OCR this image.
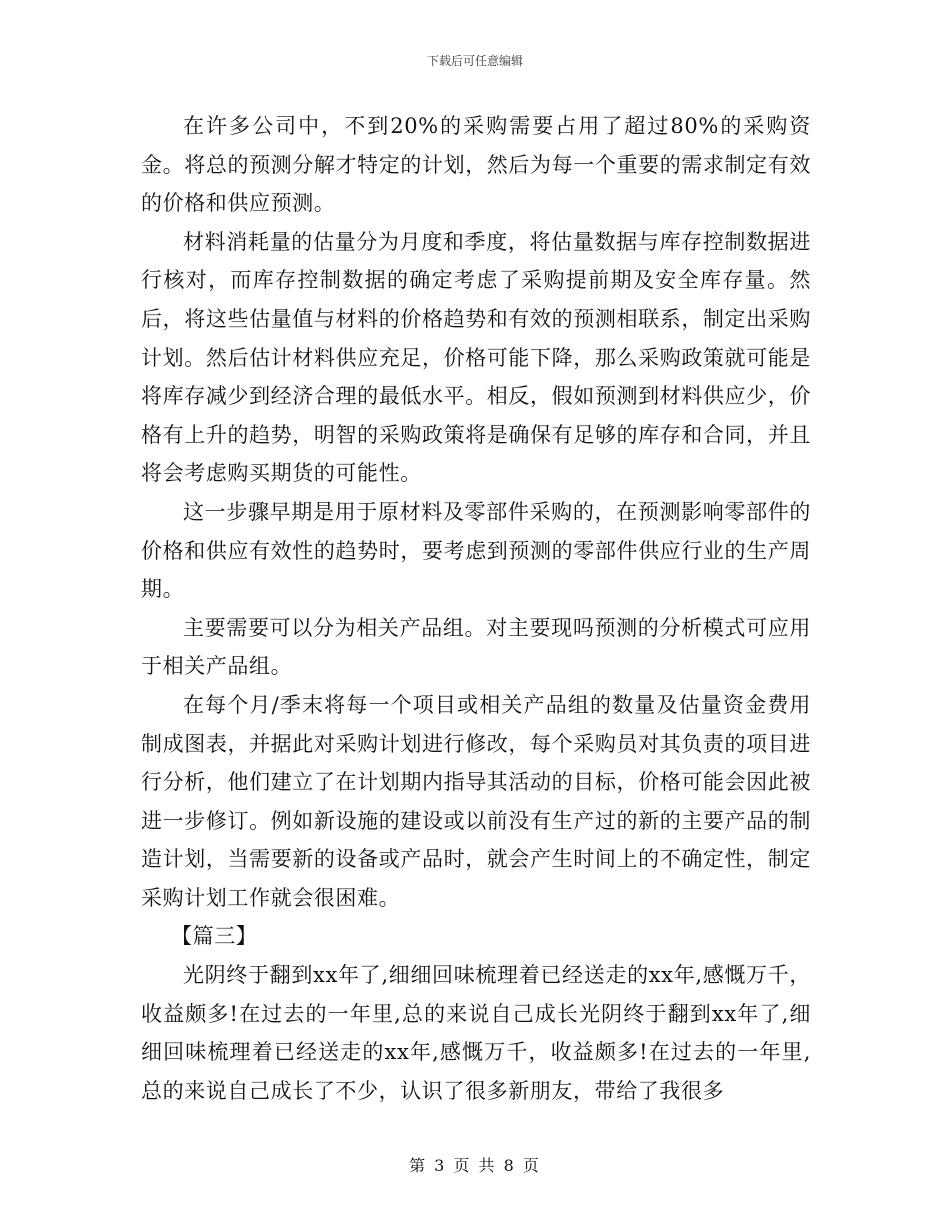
下载后可任意编辑

在许多公司中，不到20%的采购需要占用了超过80%的采购资金。将总的预测分解才特定的计划，然后为每一个重要的需求制定有效的价格和供应预测。

材料消耗量的估量分为月度和季度，将估量数据与库存控制数据进行核对，而库存控制数据的确定考虑了采购提前期及安全库存量。然后，将这些估量值与材料的价格趋势和有效的预测相联系，制定出采购计划。然后估计材料供应充足，价格可能下降，那么采购政策就可能是将库存减少到经济合理的最低水平。相反，假如预测到材料供应少，价格有上升的趋势，明智的采购政策将是确保有足够的库存和合同，并且将会考虑购买期货的可能性。

这一步骤早期是用于原材料及零部件采购的，在预测影响零部件的价格和供应有效性的趋势时，要考虑到预测的零部件供应行业的生产周期。

主要需要可以分为相关产品组。对主要现吗预测的分析模式可应用于相关产品组。

在每个月/季末将每一个项目或相关产品组的数量及估量资金费用制成图表，并据此对采购计划进行修改，每个采购员对其负责的项目进行分析，他们建立了在计划期内指导其活动的目标，价格可能会因此被进一步修订。例如新设施的建设或以前没有生产过的新的主要产品的制造计划，当需要新的设备或产品时，就会产生时间上的不确定性，制定采购计划工作就会很困难。

【篇三】

光阴终于翻到xx年了,细细回味梳理着已经送走的xx年,感慨万千，收益颇多!在过去的一年里,总的来说自己成长光阴终于翻到xx年了,细细回味梳理着已经送走的xx年,感慨万千，收益颇多!在过去的一年里,总的来说自己成长了不少，认识了很多新朋友，带给了我很多

第 3 页 共 8 页
